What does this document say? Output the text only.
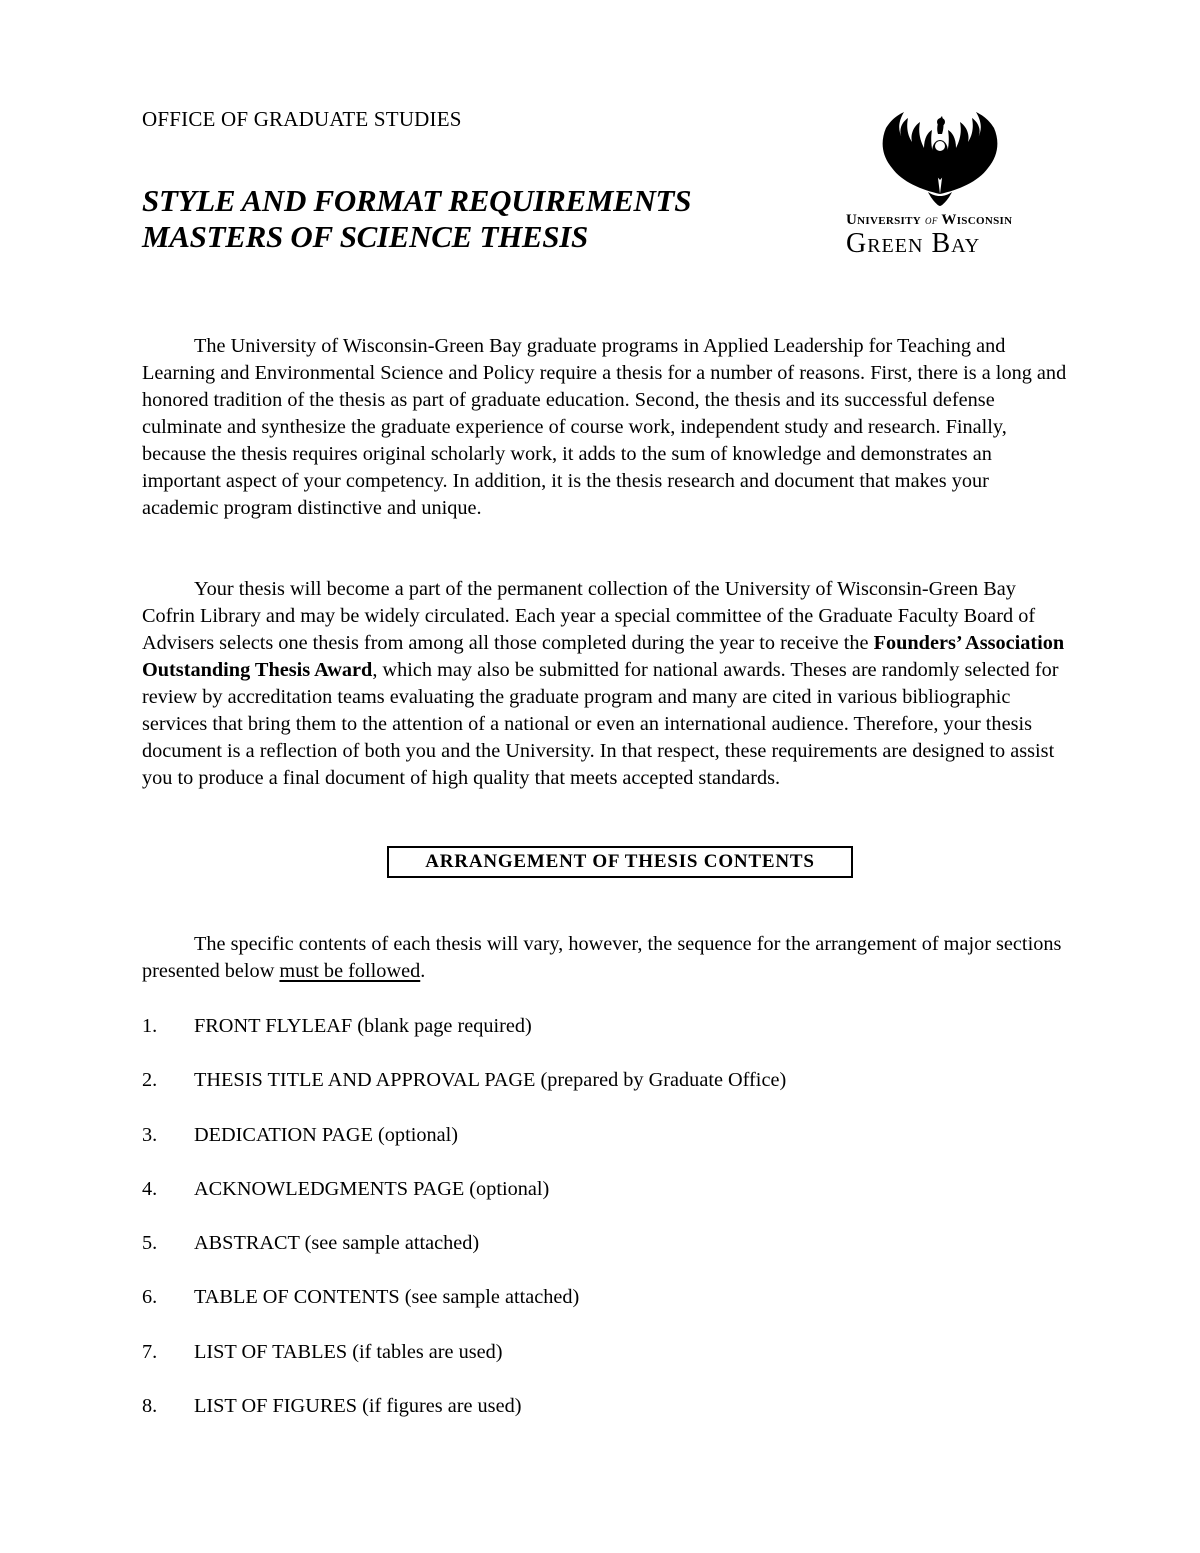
OFFICE OF GRADUATE STUDIES
STYLE AND FORMAT REQUIREMENTS
MASTERS OF SCIENCE THESIS	University of Wisconsin
Green Bay
The University of Wisconsin-Green Bay graduate programs in Applied Leadership for Teaching and Learning and Environmental Science and Policy require a thesis for a number of reasons. First, there is a long and honored tradition of the thesis as part of graduate education. Second, the thesis and its successful defense culminate and synthesize the graduate experience of course work, independent study and research. Finally, because the thesis requires original scholarly work, it adds to the sum of knowledge and demonstrates an important aspect of your competency. In addition, it is the thesis research and document that makes your academic program distinctive and unique.
Your thesis will become a part of the permanent collection of the University of Wisconsin-Green Bay Cofrin Library and may be widely circulated. Each year a special committee of the Graduate Faculty Board of Advisers selects one thesis from among all those completed during the year to receive the Founders’ Association Outstanding Thesis Award, which may also be submitted for national awards. Theses are randomly selected for review by accreditation teams evaluating the graduate program and many are cited in various bibliographic services that bring them to the attention of a national or even an international audience. Therefore, your thesis document is a reflection of both you and the University. In that respect, these requirements are designed to assist you to produce a final document of high quality that meets accepted standards.
ARRANGEMENT OF THESIS CONTENTS
The specific contents of each thesis will vary, however, the sequence for the arrangement of major sections presented below must be followed.
1.	FRONT FLYLEAF (blank page required)
2.	THESIS TITLE AND APPROVAL PAGE (prepared by Graduate Office)
3.	DEDICATION PAGE (optional)
4.	ACKNOWLEDGMENTS PAGE (optional)
5.	ABSTRACT (see sample attached)
6.	TABLE OF CONTENTS (see sample attached)
7.	LIST OF TABLES (if tables are used)
8.	LIST OF FIGURES (if figures are used)
